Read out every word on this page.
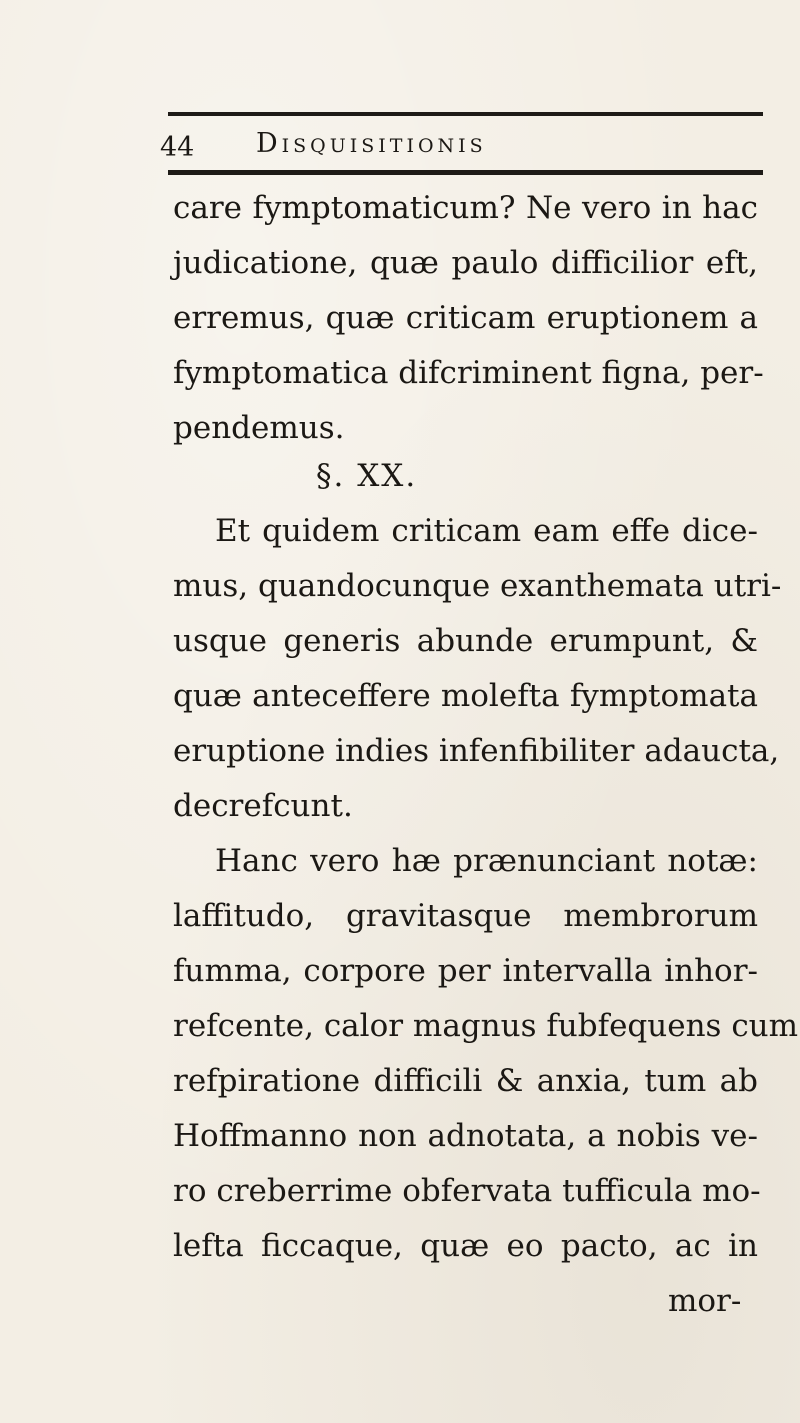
44 Disquisitionis
care fymptomaticum? Ne vero in hac
judicatione, quæ paulo difficilior eft,
erremus, quæ criticam eruptionem a
fymptomatica difcriminent figna, per-
pendemus.
§. XX.
Et quidem criticam eam effe dice-
mus, quandocunque exanthemata utri-
usque generis abunde erumpunt, &
quæ anteceffere molefta fymptomata
eruptione indies infenfibiliter adaucta,
decrefcunt.
Hanc vero hæ prænunciant notæ:
laffitudo, gravitasque membrorum
fumma, corpore per intervalla inhor-
refcente, calor magnus fubfequens cum
refpiratione difficili & anxia, tum ab
Hoffmanno non adnotata, a nobis ve-
ro creberrime obfervata tufficula mo-
lefta ficcaque, quæ eo pacto, ac in
mor-
